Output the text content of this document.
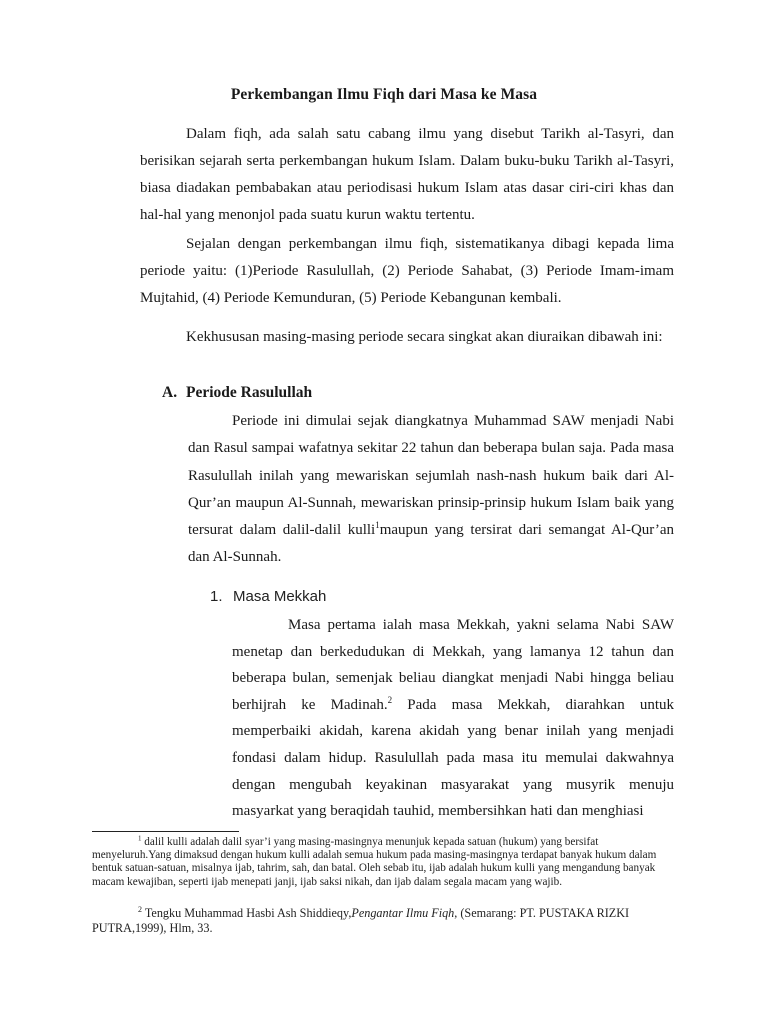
Perkembangan Ilmu Fiqh dari Masa ke Masa

Dalam fiqh, ada salah satu cabang ilmu yang disebut Tarikh al-Tasyri, dan berisikan sejarah serta perkembangan hukum Islam. Dalam buku-buku Tarikh al-Tasyri, biasa diadakan pembabakan atau periodisasi hukum Islam atas dasar ciri-ciri khas dan hal-hal yang menonjol pada suatu kurun waktu tertentu.

Sejalan dengan perkembangan ilmu fiqh, sistematikanya dibagi kepada lima periode yaitu: (1)Periode Rasulullah, (2) Periode Sahabat, (3) Periode Imam-imam Mujtahid, (4) Periode Kemunduran, (5) Periode Kebangunan kembali.

Kekhususan masing-masing periode secara singkat akan diuraikan dibawah ini:

A. Periode Rasulullah

Periode ini dimulai sejak diangkatnya Muhammad SAW menjadi Nabi dan Rasul sampai wafatnya sekitar 22 tahun dan beberapa bulan saja. Pada masa Rasulullah inilah yang mewariskan sejumlah nash-nash hukum baik dari Al-Qur’an maupun Al-Sunnah, mewariskan prinsip-prinsip hukum Islam baik yang tersurat dalam dalil-dalil kulli$^1$maupun yang tersirat dari semangat Al-Qur’an dan Al-Sunnah.

1. Masa Mekkah

Masa pertama ialah masa Mekkah, yakni selama Nabi SAW menetap dan berkedudukan di Mekkah, yang lamanya 12 tahun dan beberapa bulan, semenjak beliau diangkat menjadi Nabi hingga beliau berhijrah ke Madinah.$^2$ Pada masa Mekkah, diarahkan untuk memperbaiki akidah, karena akidah yang benar inilah yang menjadi fondasi dalam hidup. Rasulullah pada masa itu memulai dakwahnya dengan mengubah keyakinan masyarakat yang musyrik menuju masyarkat yang beraqidah tauhid, membersihkan hati dan menghiasi

$^1$ dalil kulli adalah dalil syar’i yang masing-masingnya menunjuk kepada satuan (hukum) yang bersifat menyeluruh.Yang dimaksud dengan hukum kulli adalah semua hukum pada masing-masingnya terdapat banyak hukum dalam bentuk satuan-satuan, misalnya ijab, tahrim, sah, dan batal. Oleh sebab itu, ijab adalah hukum kulli yang mengandung banyak macam kewajiban, seperti ijab menepati janji, ijab saksi nikah, dan ijab dalam segala macam yang wajib.

$^2$ Tengku Muhammad Hasbi Ash Shiddieqy,Pengantar Ilmu Fiqh, (Semarang: PT. PUSTAKA RIZKI PUTRA,1999), Hlm, 33.
